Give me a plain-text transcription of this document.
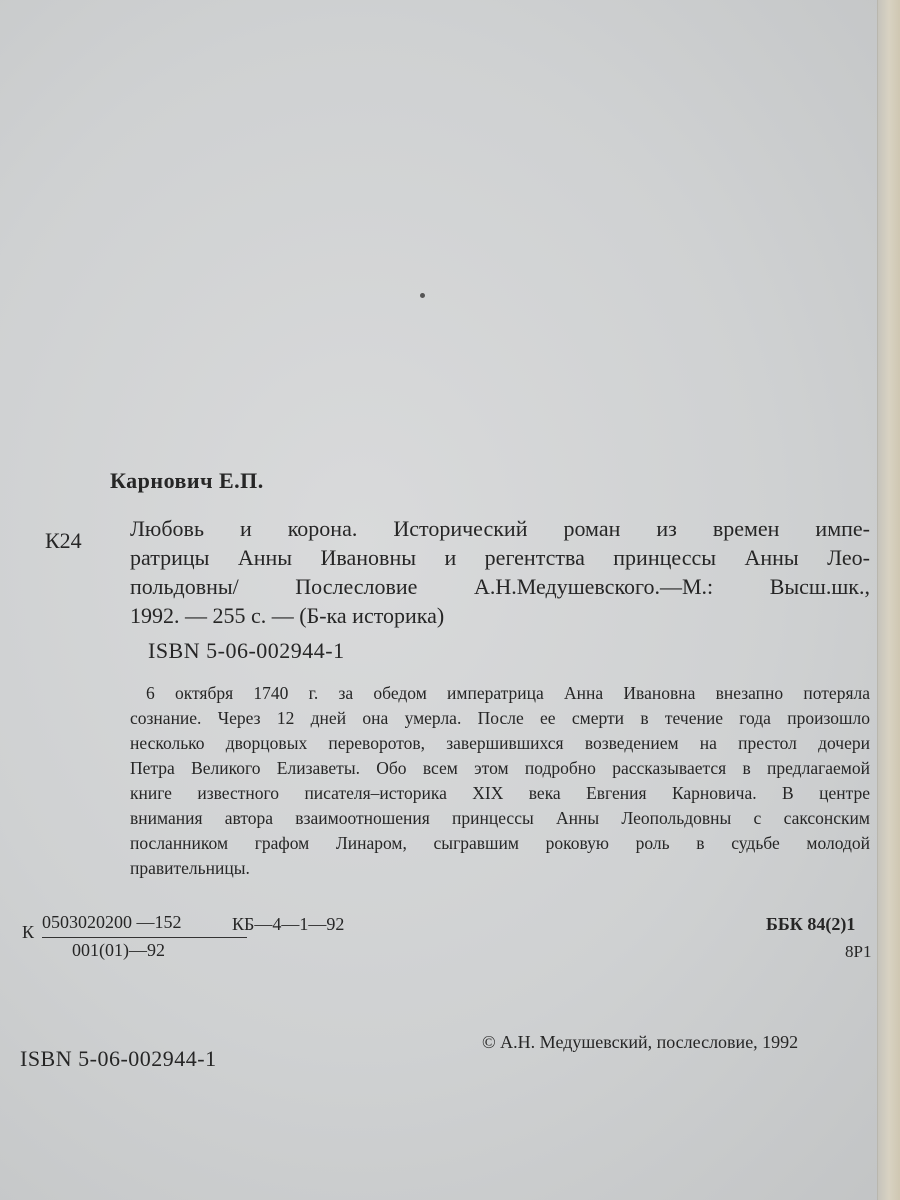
Карнович Е.П.
К24 Любовь и корона. Исторический роман из времен импе-
ратрицы Анны Ивановны и регентства принцессы Анны Лео-
польдовны/ Послесловие А.Н.Медушевского.—М.: Высш.шк.,
1992. — 255 с. — (Б-ка историка)
ISBN 5-06-002944-1
6 октября 1740 г. за обедом императрица Анна Ивановна внезапно потеряла
сознание. Через 12 дней она умерла. После ее смерти в течение года произошло
несколько дворцовых переворотов, завершившихся возведением на престол дочери
Петра Великого Елизаветы. Обо всем этом подробно рассказывается в предлагаемой
книге известного писателя–историка XIX века Евгения Карновича. В центре
внимания автора взаимоотношения принцессы Анны Леопольдовны с саксонским
посланником графом Линаром, сыгравшим роковую роль в судьбе молодой
правительницы.
К 0503020200 —152
001(01)—92
КБ—4—1—92	ББК 84(2)1
8Р1
ISBN 5-06-002944-1
© А.Н. Медушевский, послесловие, 1992
